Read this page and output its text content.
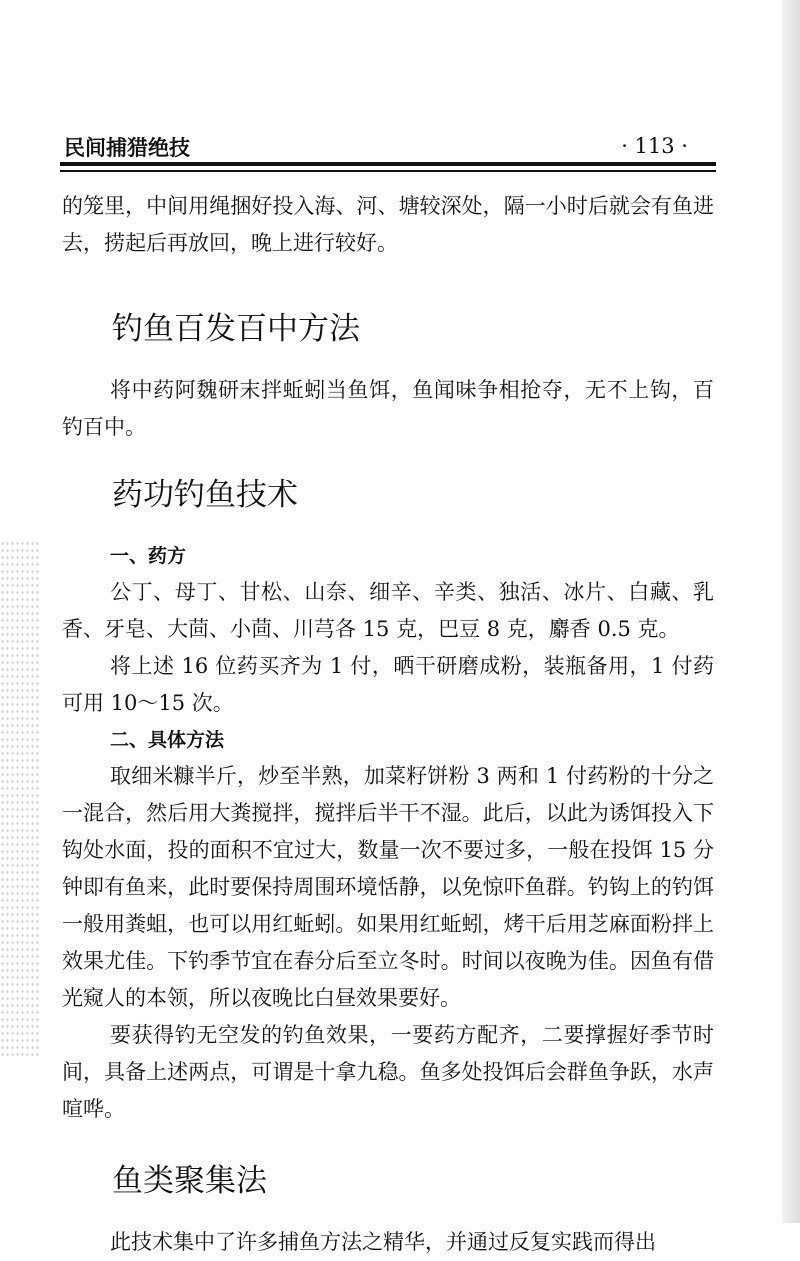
民间捕猎绝技	· 113 ·

的笼里，中间用绳捆好投入海、河、塘较深处，隔一小时后就会有鱼进去，捞起后再放回，晚上进行较好。

钓鱼百发百中方法

将中药阿魏研末拌蚯蚓当鱼饵，鱼闻味争相抢夺，无不上钩，百钓百中。

药功钓鱼技术
一、药方

公丁、母丁、甘松、山奈、细辛、辛类、独活、冰片、白藏、乳香、牙皂、大茴、小茴、川芎各 15 克，巴豆 8 克，麝香 0.5 克。

将上述 16 位药买齐为 1 付，晒干研磨成粉，装瓶备用，1 付药可用 10～15 次。

二、具体方法

取细米糠半斤，炒至半熟，加菜籽饼粉 3 两和 1 付药粉的十分之一混合，然后用大粪搅拌，搅拌后半干不湿。此后，以此为诱饵投入下钩处水面，投的面积不宜过大，数量一次不要过多，一般在投饵 15 分钟即有鱼来，此时要保持周围环境恬静，以免惊吓鱼群。钓钩上的钓饵一般用粪蛆，也可以用红蚯蚓。如果用红蚯蚓，烤干后用芝麻面粉拌上效果尤佳。下钓季节宜在春分后至立冬时。时间以夜晚为佳。因鱼有借光窥人的本领，所以夜晚比白昼效果要好。

要获得钓无空发的钓鱼效果，一要药方配齐，二要撑握好季节时间，具备上述两点，可谓是十拿九稳。鱼多处投饵后会群鱼争跃，水声喧哗。

鱼类聚集法

此技术集中了许多捕鱼方法之精华，并通过反复实践而得出
